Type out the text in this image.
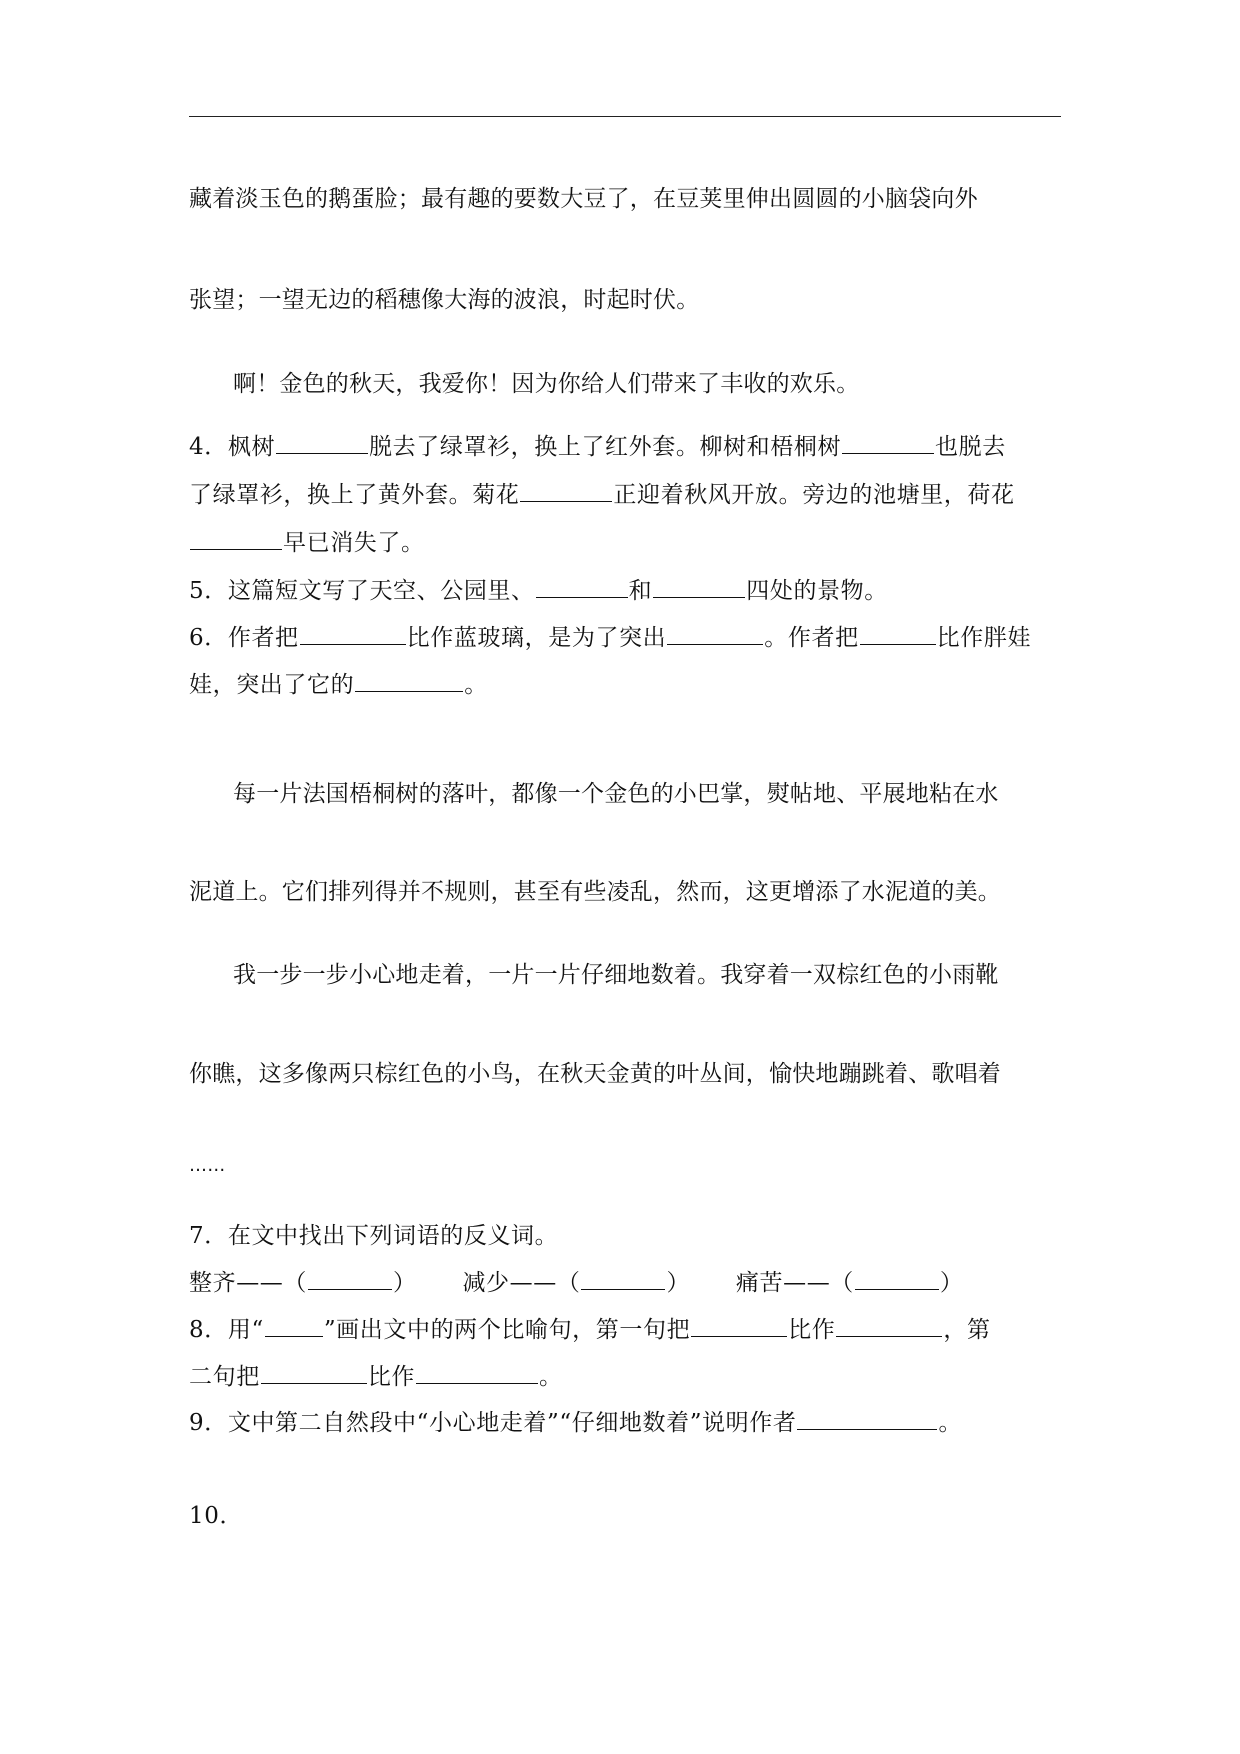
藏着淡玉色的鹅蛋脸；最有趣的要数大豆了，在豆荚里伸出圆圆的小脑袋向外
张望；一望无边的稻穗像大海的波浪，时起时伏。
啊！金色的秋天，我爱你！因为你给人们带来了丰收的欢乐。
4．枫树	脱去了绿罩衫，换上了红外套。柳树和梧桐树	也脱去
了绿罩衫，换上了黄外套。菊花	正迎着秋风开放。旁边的池塘里，荷花
早已消失了。
5．这篇短文写了天空、公园里、	和	四处的景物。
6．作者把	比作蓝玻璃，是为了突出	。作者把	比作胖娃
娃，突出了它的	。
每一片法国梧桐树的落叶，都像一个金色的小巴掌，熨帖地、平展地粘在水
泥道上。它们排列得并不规则，甚至有些凌乱，然而，这更增添了水泥道的美。
我一步一步小心地走着，一片一片仔细地数着。我穿着一双棕红色的小雨靴
你瞧，这多像两只棕红色的小鸟，在秋天金黄的叶丛间，愉快地蹦跳着、歌唱着
……
7．在文中找出下列词语的反义词。
整齐——（	） 减少——（	） 痛苦——（	）
8．用“	”画出文中的两个比喻句，第一句把	比作	，第
二句把	比作	。
9．文中第二自然段中“小心地走着”“仔细地数着”说明作者	。
10．
